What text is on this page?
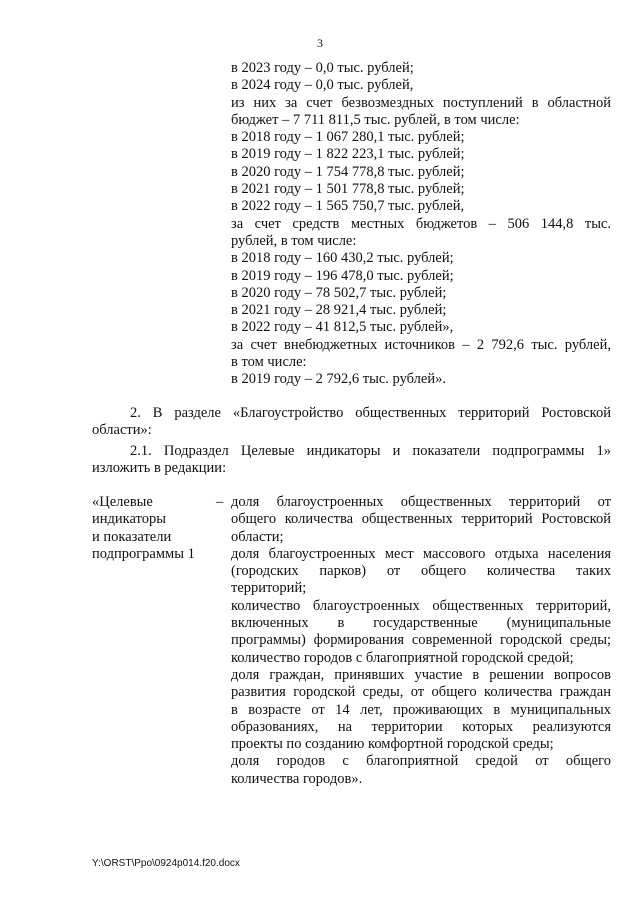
3
в 2023 году – 0,0 тыс. рублей;
в 2024 году – 0,0 тыс. рублей,
из них за счет безвозмездных поступлений в областной
бюджет – 7 711 811,5 тыс. рублей, в том числе:
в 2018 году – 1 067 280,1 тыс. рублей;
в 2019 году – 1 822 223,1 тыс. рублей;
в 2020 году – 1 754 778,8 тыс. рублей;
в 2021 году – 1 501 778,8 тыс. рублей;
в 2022 году – 1 565 750,7 тыс. рублей,
за счет средств местных бюджетов – 506 144,8 тыс.
рублей, в том числе:
в 2018 году – 160 430,2 тыс. рублей;
в 2019 году – 196 478,0 тыс. рублей;
в 2020 году – 78 502,7 тыс. рублей;
в 2021 году – 28 921,4 тыс. рублей;
в 2022 году – 41 812,5 тыс. рублей»,
за счет внебюджетных источников – 2 792,6 тыс. рублей,
в том числе:
в 2019 году – 2 792,6 тыс. рублей».
2. В разделе «Благоустройство общественных территорий Ростовской
области»:
2.1. Подраздел Целевые индикаторы и показатели подпрограммы 1»
изложить в редакции:
«Целевые
индикаторы
и показатели
подпрограммы 1
– доля благоустроенных общественных территорий от
общего количества общественных территорий Ростовской
области;
доля благоустроенных мест массового отдыха населения
(городских парков) от общего количества таких
территорий;
количество благоустроенных общественных территорий,
включенных в государственные (муниципальные
программы) формирования современной городской среды;
количество городов с благоприятной городской средой;
доля граждан, принявших участие в решении вопросов
развития городской среды, от общего количества граждан
в возрасте от 14 лет, проживающих в муниципальных
образованиях, на территории которых реализуются
проекты по созданию комфортной городской среды;
доля городов с благоприятной средой от общего
количества городов».
Y:\ORST\Ppo\0924p014.f20.docx
